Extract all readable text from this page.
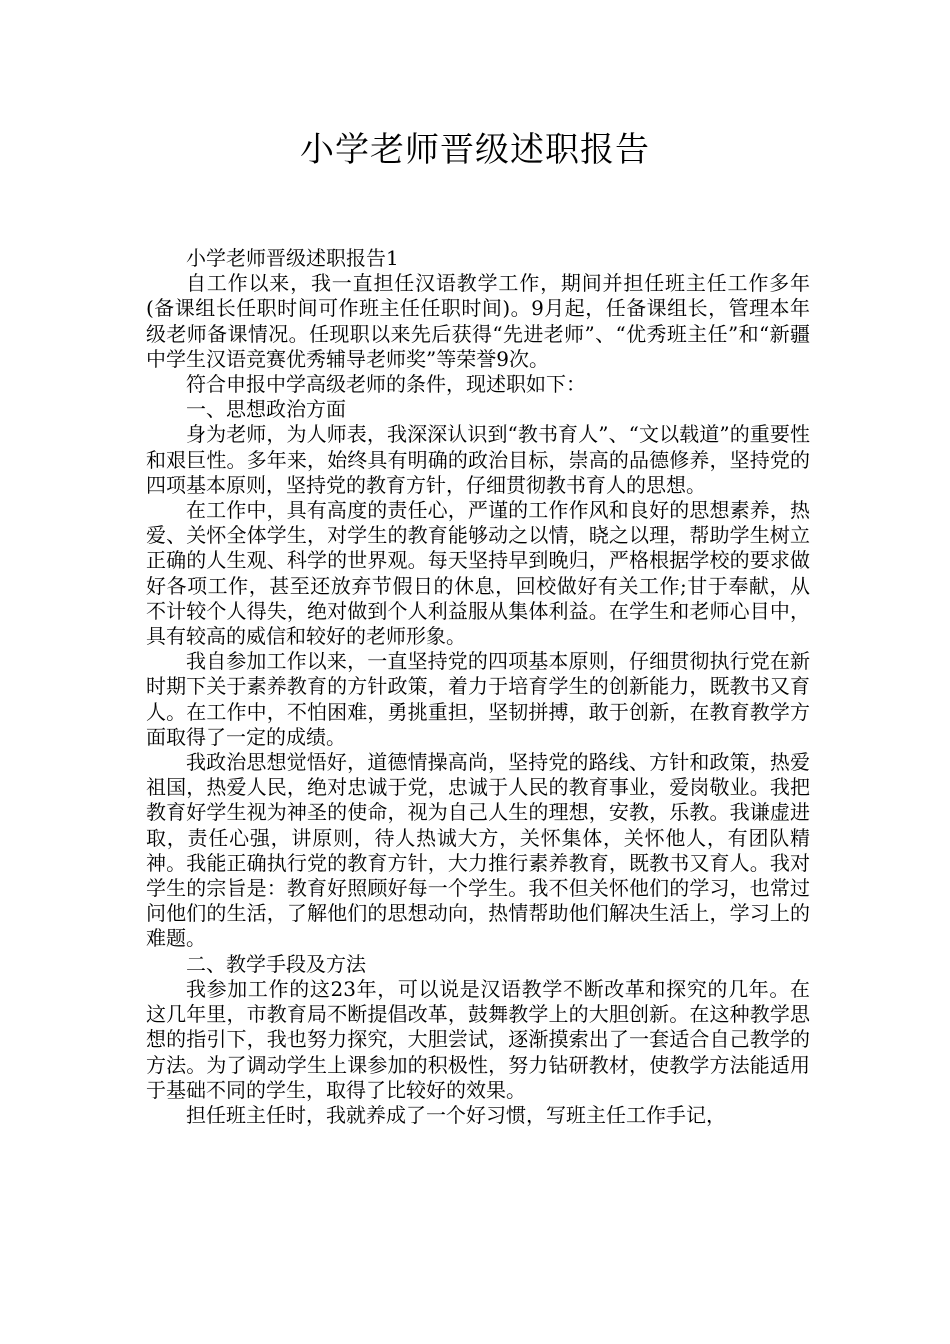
小学老师晋级述职报告

小学老师晋级述职报告1

自工作以来，我一直担任汉语教学工作，期间并担任班主任工作多年(备课组长任职时间可作班主任任职时间)。9月起，任备课组长，管理本年级老师备课情况。任现职以来先后获得“先进老师”、“优秀班主任”和“新疆中学生汉语竞赛优秀辅导老师奖”等荣誉9次。

符合申报中学高级老师的条件，现述职如下：

一、思想政治方面

身为老师，为人师表，我深深认识到“教书育人”、“文以载道”的重要性和艰巨性。多年来，始终具有明确的政治目标，崇高的品德修养，坚持党的四项基本原则，坚持党的教育方针，仔细贯彻教书育人的思想。

在工作中，具有高度的责任心，严谨的工作作风和良好的思想素养，热爱、关怀全体学生，对学生的教育能够动之以情，晓之以理，帮助学生树立正确的人生观、科学的世界观。每天坚持早到晚归，严格根据学校的要求做好各项工作，甚至还放弃节假日的休息，回校做好有关工作;甘于奉献，从不计较个人得失，绝对做到个人利益服从集体利益。在学生和老师心目中，具有较高的威信和较好的老师形象。

我自参加工作以来，一直坚持党的四项基本原则，仔细贯彻执行党在新时期下关于素养教育的方针政策，着力于培育学生的创新能力，既教书又育人。在工作中，不怕困难，勇挑重担，坚韧拼搏，敢于创新，在教育教学方面取得了一定的成绩。

我政治思想觉悟好，道德情操高尚，坚持党的路线、方针和政策，热爱祖国，热爱人民，绝对忠诚于党，忠诚于人民的教育事业，爱岗敬业。我把教育好学生视为神圣的使命，视为自己人生的理想，安教，乐教。我谦虚进取，责任心强，讲原则，待人热诚大方，关怀集体，关怀他人，有团队精神。我能正确执行党的教育方针，大力推行素养教育，既教书又育人。我对学生的宗旨是：教育好照顾好每一个学生。我不但关怀他们的学习，也常过问他们的生活，了解他们的思想动向，热情帮助他们解决生活上，学习上的难题。

二、教学手段及方法

我参加工作的这23年，可以说是汉语教学不断改革和探究的几年。在这几年里，市教育局不断提倡改革，鼓舞教学上的大胆创新。在这种教学思想的指引下，我也努力探究，大胆尝试，逐渐摸索出了一套适合自己教学的方法。为了调动学生上课参加的积极性，努力钻研教材，使教学方法能适用于基础不同的学生，取得了比较好的效果。

担任班主任时，我就养成了一个好习惯，写班主任工作手记，
